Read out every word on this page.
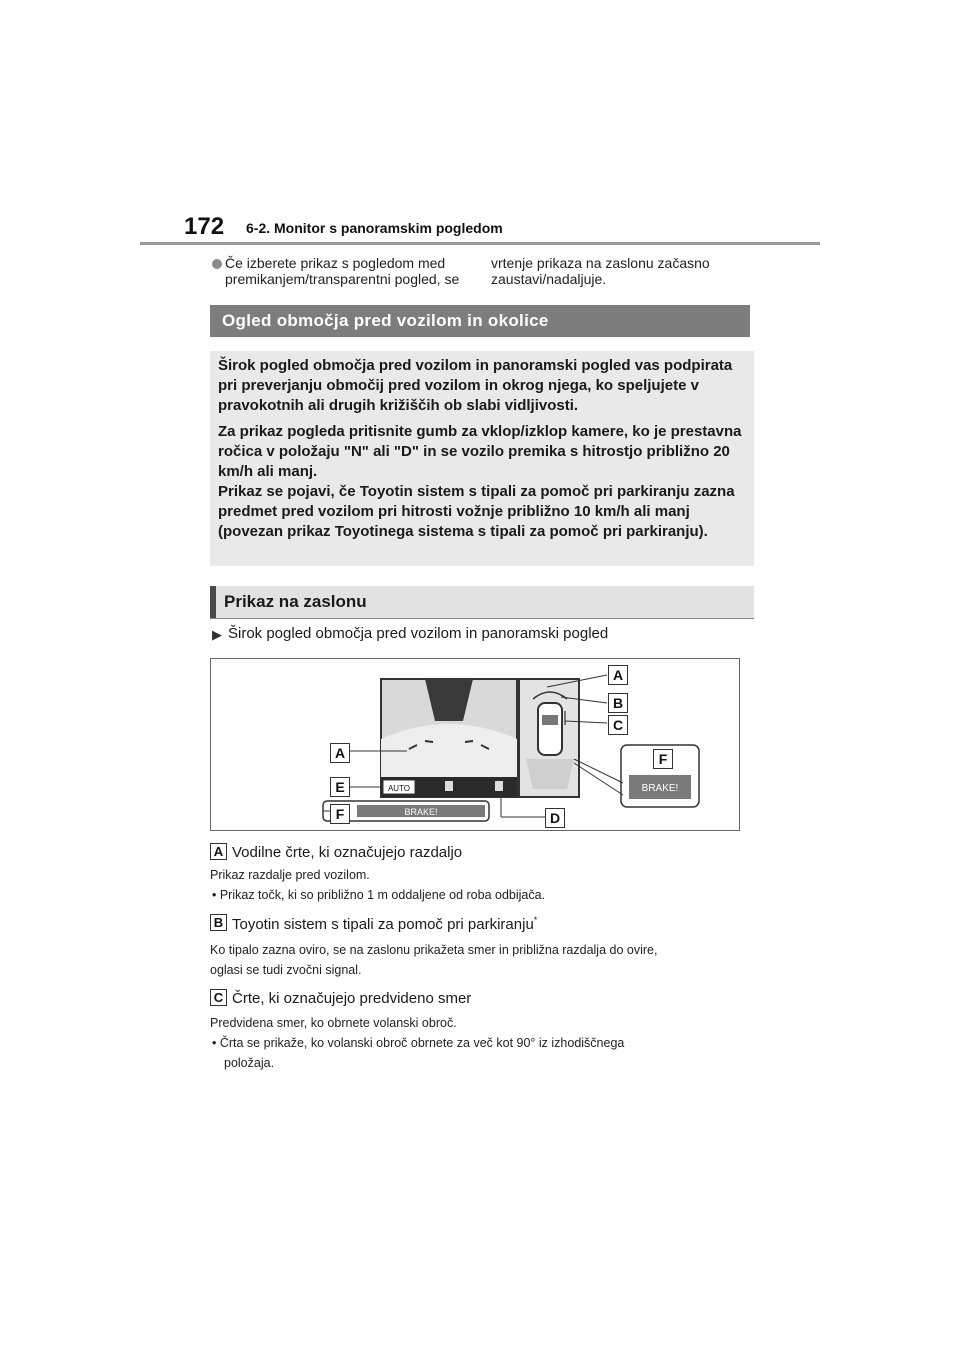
172 6-2. Monitor s panoramskim pogledom
Če izberete prikaz s pogledom med
premikanjem/transparentni pogled, se
vrtenje prikaza na zaslonu začasno
zaustavi/nadaljuje.
Ogled območja pred vozilom in okolice

Širok pogled območja pred vozilom in panoramski pogled vas podpirata pri preverjanju območij pred vozilom in okrog njega, ko speljujete v pravokotnih ali drugih križiščih ob slabi vidljivosti.

Za prikaz pogleda pritisnite gumb za vklop/izklop kamere, ko je prestavna ročica v položaju "N" ali "D" in se vozilo premika s hitrostjo približno 20 km/h ali manj.

Prikaz se pojavi, če Toyotin sistem s tipali za pomoč pri parkiranju zazna predmet pred vozilom pri hitrosti vožnje približno 10 km/h ali manj (povezan prikaz Toyotinega sistema s tipali za pomoč pri parkiranju).

Prikaz na zaslonu
▶ Širok pogled območja pred vozilom in panoramski pogled
AUTO
BRAKE!
BRAKE!
A
E
F	D
A
B
C
F
A Vodilne črte, ki označujejo razdaljo
Prikaz razdalje pred vozilom.
• Prikaz točk, ki so približno 1 m oddaljene od roba odbijača.
B Toyotin sistem s tipali za pomoč pri parkiranju*
Ko tipalo zazna oviro, se na zaslonu prikažeta smer in približna razdalja do ovire,
oglasi se tudi zvočni signal.
C Črte, ki označujejo predvideno smer
Predvidena smer, ko obrnete volanski obroč.
• Črta se prikaže, ko volanski obroč obrnete za več kot 90° iz izhodiščnega
položaja.
